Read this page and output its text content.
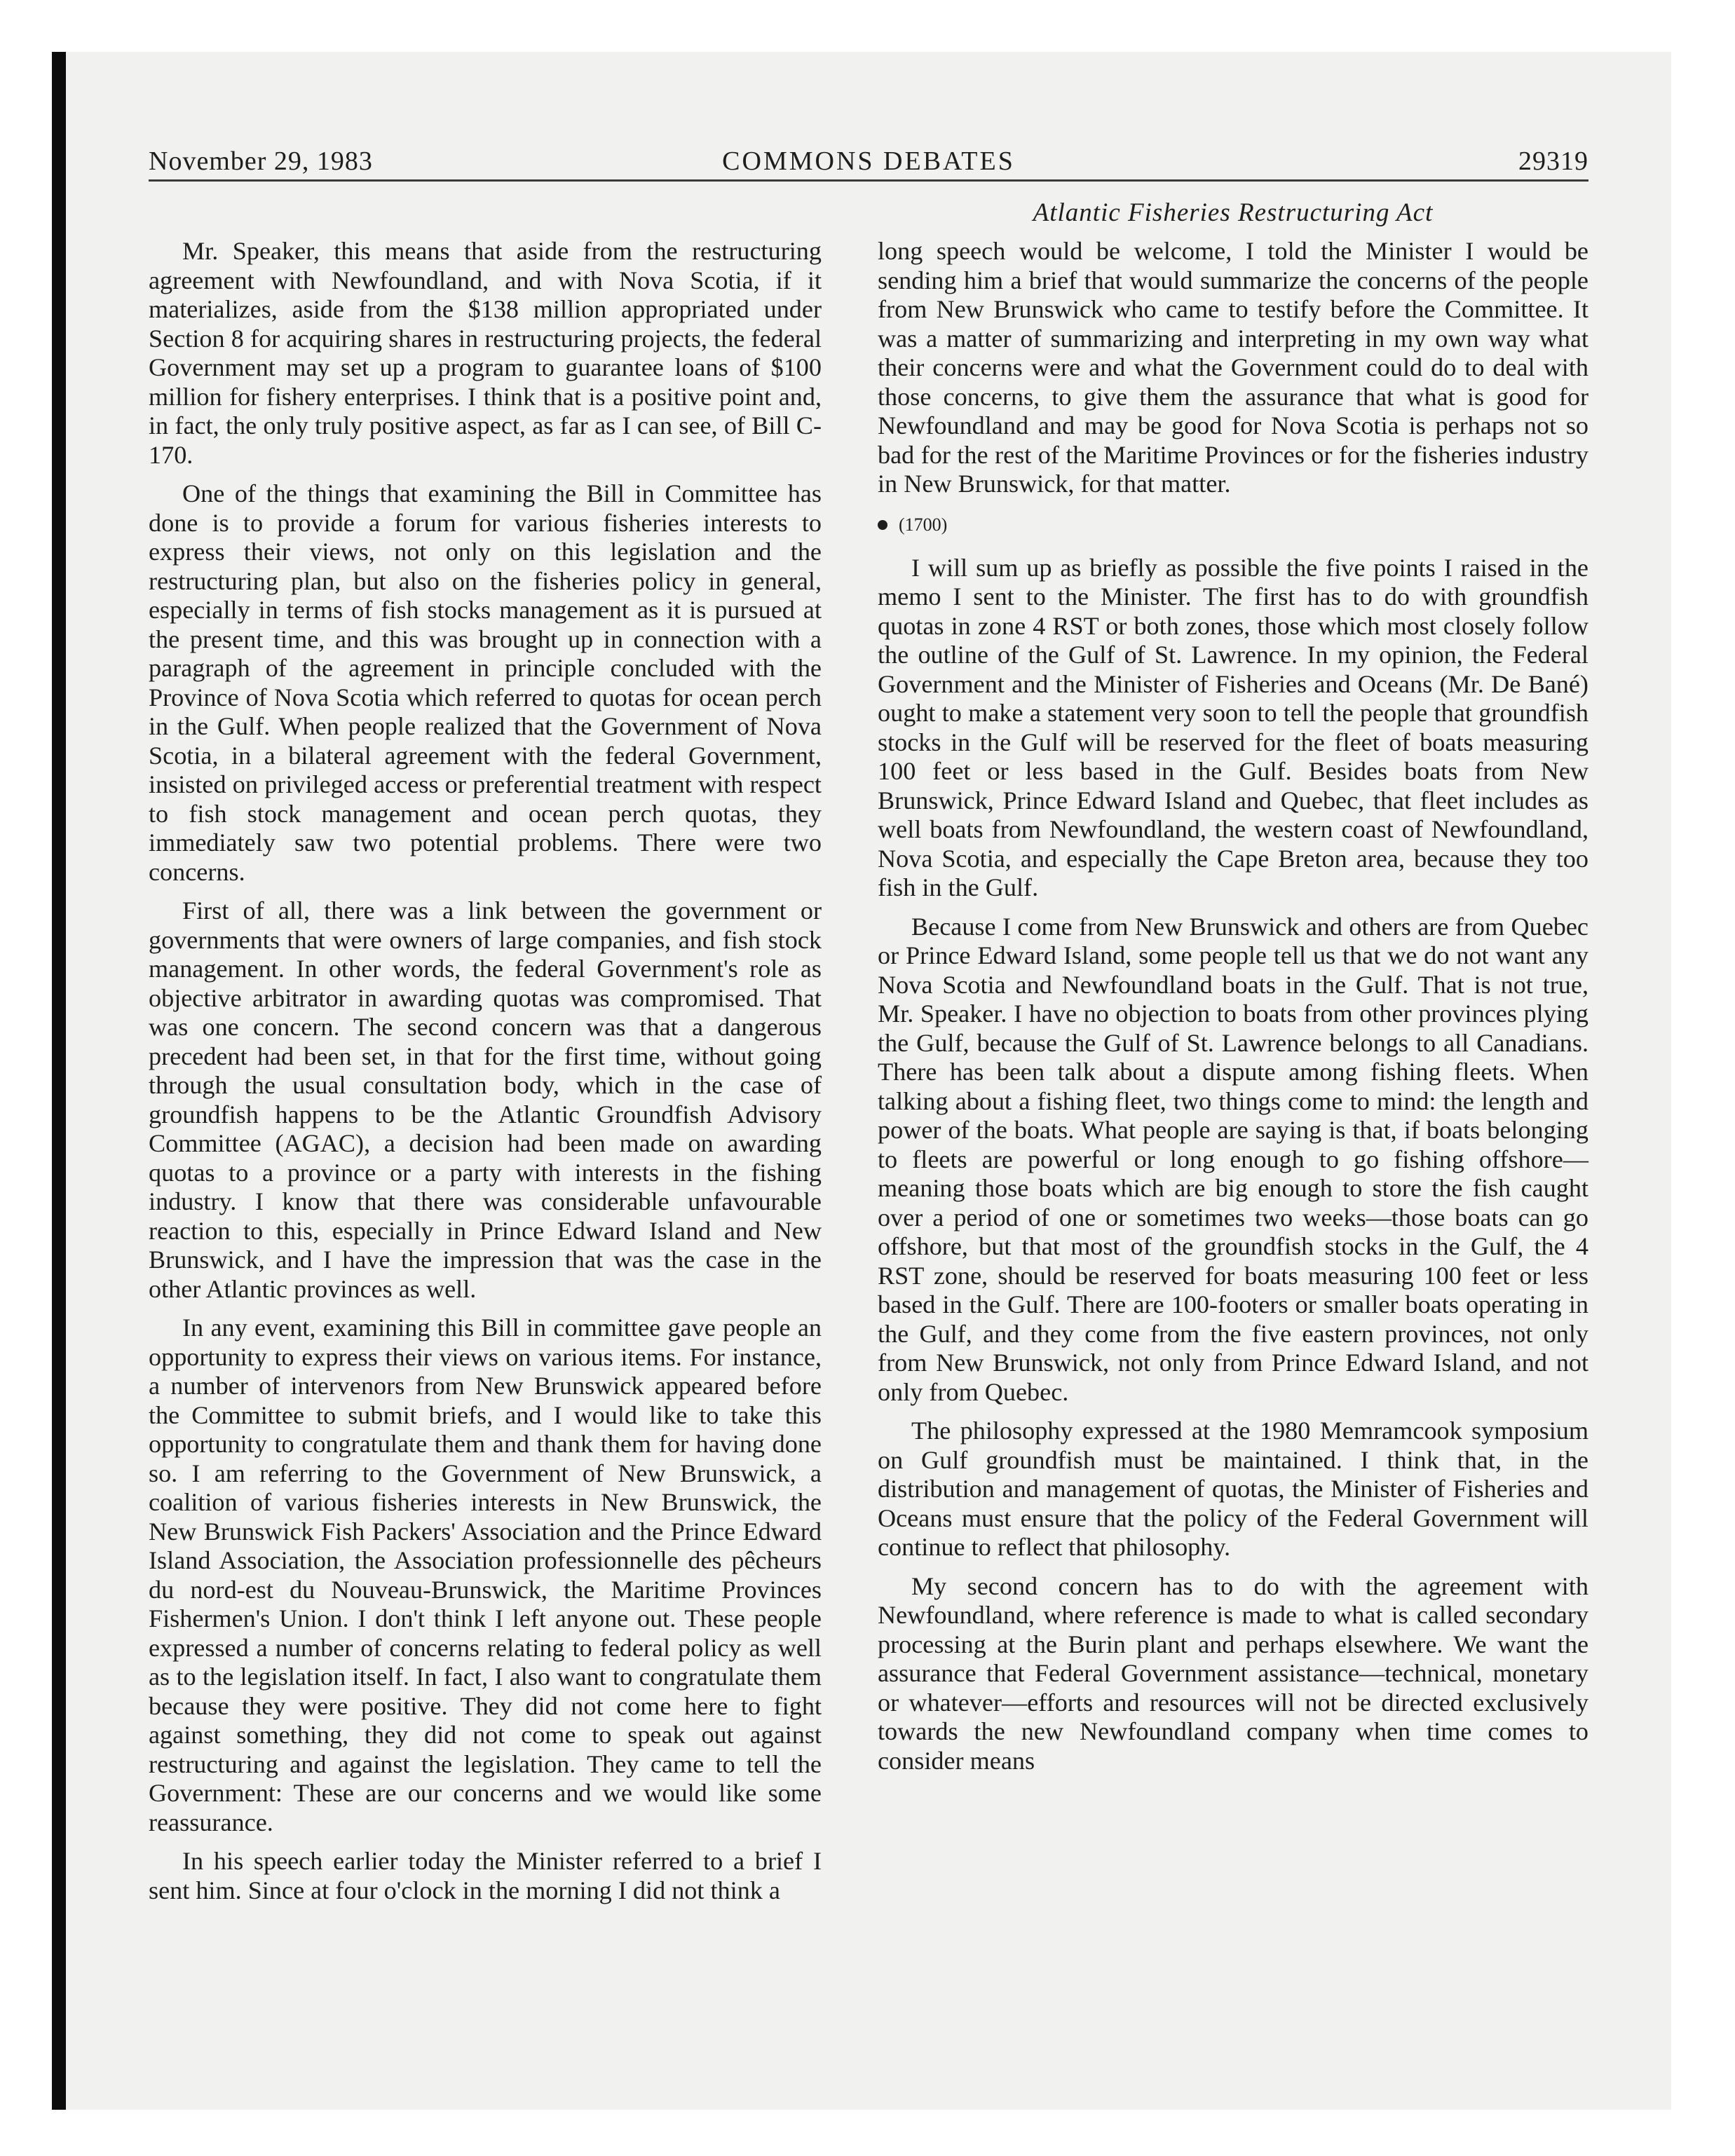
November 29, 1983	COMMONS DEBATES	29319
Atlantic Fisheries Restructuring Act

Mr. Speaker, this means that aside from the restructuring agreement with Newfoundland, and with Nova Scotia, if it materializes, aside from the $138 million appropriated under Section 8 for acquiring shares in restructuring projects, the federal Government may set up a program to guarantee loans of $100 million for fishery enterprises. I think that is a positive point and, in fact, the only truly positive aspect, as far as I can see, of Bill C-170.

One of the things that examining the Bill in Committee has done is to provide a forum for various fisheries interests to express their views, not only on this legislation and the restructuring plan, but also on the fisheries policy in general, especially in terms of fish stocks management as it is pursued at the present time, and this was brought up in connection with a paragraph of the agreement in principle concluded with the Province of Nova Scotia which referred to quotas for ocean perch in the Gulf. When people realized that the Government of Nova Scotia, in a bilateral agreement with the federal Government, insisted on privileged access or preferential treatment with respect to fish stock management and ocean perch quotas, they immediately saw two potential problems. There were two concerns.

First of all, there was a link between the government or governments that were owners of large companies, and fish stock management. In other words, the federal Government's role as objective arbitrator in awarding quotas was compromised. That was one concern. The second concern was that a dangerous precedent had been set, in that for the first time, without going through the usual consultation body, which in the case of groundfish happens to be the Atlantic Groundfish Advisory Committee (AGAC), a decision had been made on awarding quotas to a province or a party with interests in the fishing industry. I know that there was considerable unfavourable reaction to this, especially in Prince Edward Island and New Brunswick, and I have the impression that was the case in the other Atlantic provinces as well.

In any event, examining this Bill in committee gave people an opportunity to express their views on various items. For instance, a number of intervenors from New Brunswick appeared before the Committee to submit briefs, and I would like to take this opportunity to congratulate them and thank them for having done so. I am referring to the Government of New Brunswick, a coalition of various fisheries interests in New Brunswick, the New Brunswick Fish Packers' Association and the Prince Edward Island Association, the Association professionnelle des pêcheurs du nord-est du Nouveau-Brunswick, the Maritime Provinces Fishermen's Union. I don't think I left anyone out. These people expressed a number of concerns relating to federal policy as well as to the legislation itself. In fact, I also want to congratulate them because they were positive. They did not come here to fight against something, they did not come to speak out against restructuring and against the legislation. They came to tell the Government: These are our concerns and we would like some reassurance.

In his speech earlier today the Minister referred to a brief I sent him. Since at four o'clock in the morning I did not think a

long speech would be welcome, I told the Minister I would be sending him a brief that would summarize the concerns of the people from New Brunswick who came to testify before the Committee. It was a matter of summarizing and interpreting in my own way what their concerns were and what the Government could do to deal with those concerns, to give them the assurance that what is good for Newfoundland and may be good for Nova Scotia is perhaps not so bad for the rest of the Maritime Provinces or for the fisheries industry in New Brunswick, for that matter.

(1700)

I will sum up as briefly as possible the five points I raised in the memo I sent to the Minister. The first has to do with groundfish quotas in zone 4 RST or both zones, those which most closely follow the outline of the Gulf of St. Lawrence. In my opinion, the Federal Government and the Minister of Fisheries and Oceans (Mr. De Bané) ought to make a statement very soon to tell the people that groundfish stocks in the Gulf will be reserved for the fleet of boats measuring 100 feet or less based in the Gulf. Besides boats from New Brunswick, Prince Edward Island and Quebec, that fleet includes as well boats from Newfoundland, the western coast of Newfoundland, Nova Scotia, and especially the Cape Breton area, because they too fish in the Gulf.

Because I come from New Brunswick and others are from Quebec or Prince Edward Island, some people tell us that we do not want any Nova Scotia and Newfoundland boats in the Gulf. That is not true, Mr. Speaker. I have no objection to boats from other provinces plying the Gulf, because the Gulf of St. Lawrence belongs to all Canadians. There has been talk about a dispute among fishing fleets. When talking about a fishing fleet, two things come to mind: the length and power of the boats. What people are saying is that, if boats belonging to fleets are powerful or long enough to go fishing offshore—meaning those boats which are big enough to store the fish caught over a period of one or sometimes two weeks—those boats can go offshore, but that most of the groundfish stocks in the Gulf, the 4 RST zone, should be reserved for boats measuring 100 feet or less based in the Gulf. There are 100-footers or smaller boats operating in the Gulf, and they come from the five eastern provinces, not only from New Brunswick, not only from Prince Edward Island, and not only from Quebec.

The philosophy expressed at the 1980 Memramcook symposium on Gulf groundfish must be maintained. I think that, in the distribution and management of quotas, the Minister of Fisheries and Oceans must ensure that the policy of the Federal Government will continue to reflect that philosophy.

My second concern has to do with the agreement with Newfoundland, where reference is made to what is called secondary processing at the Burin plant and perhaps elsewhere. We want the assurance that Federal Government assistance—technical, monetary or whatever—efforts and resources will not be directed exclusively towards the new Newfoundland company when time comes to consider means
